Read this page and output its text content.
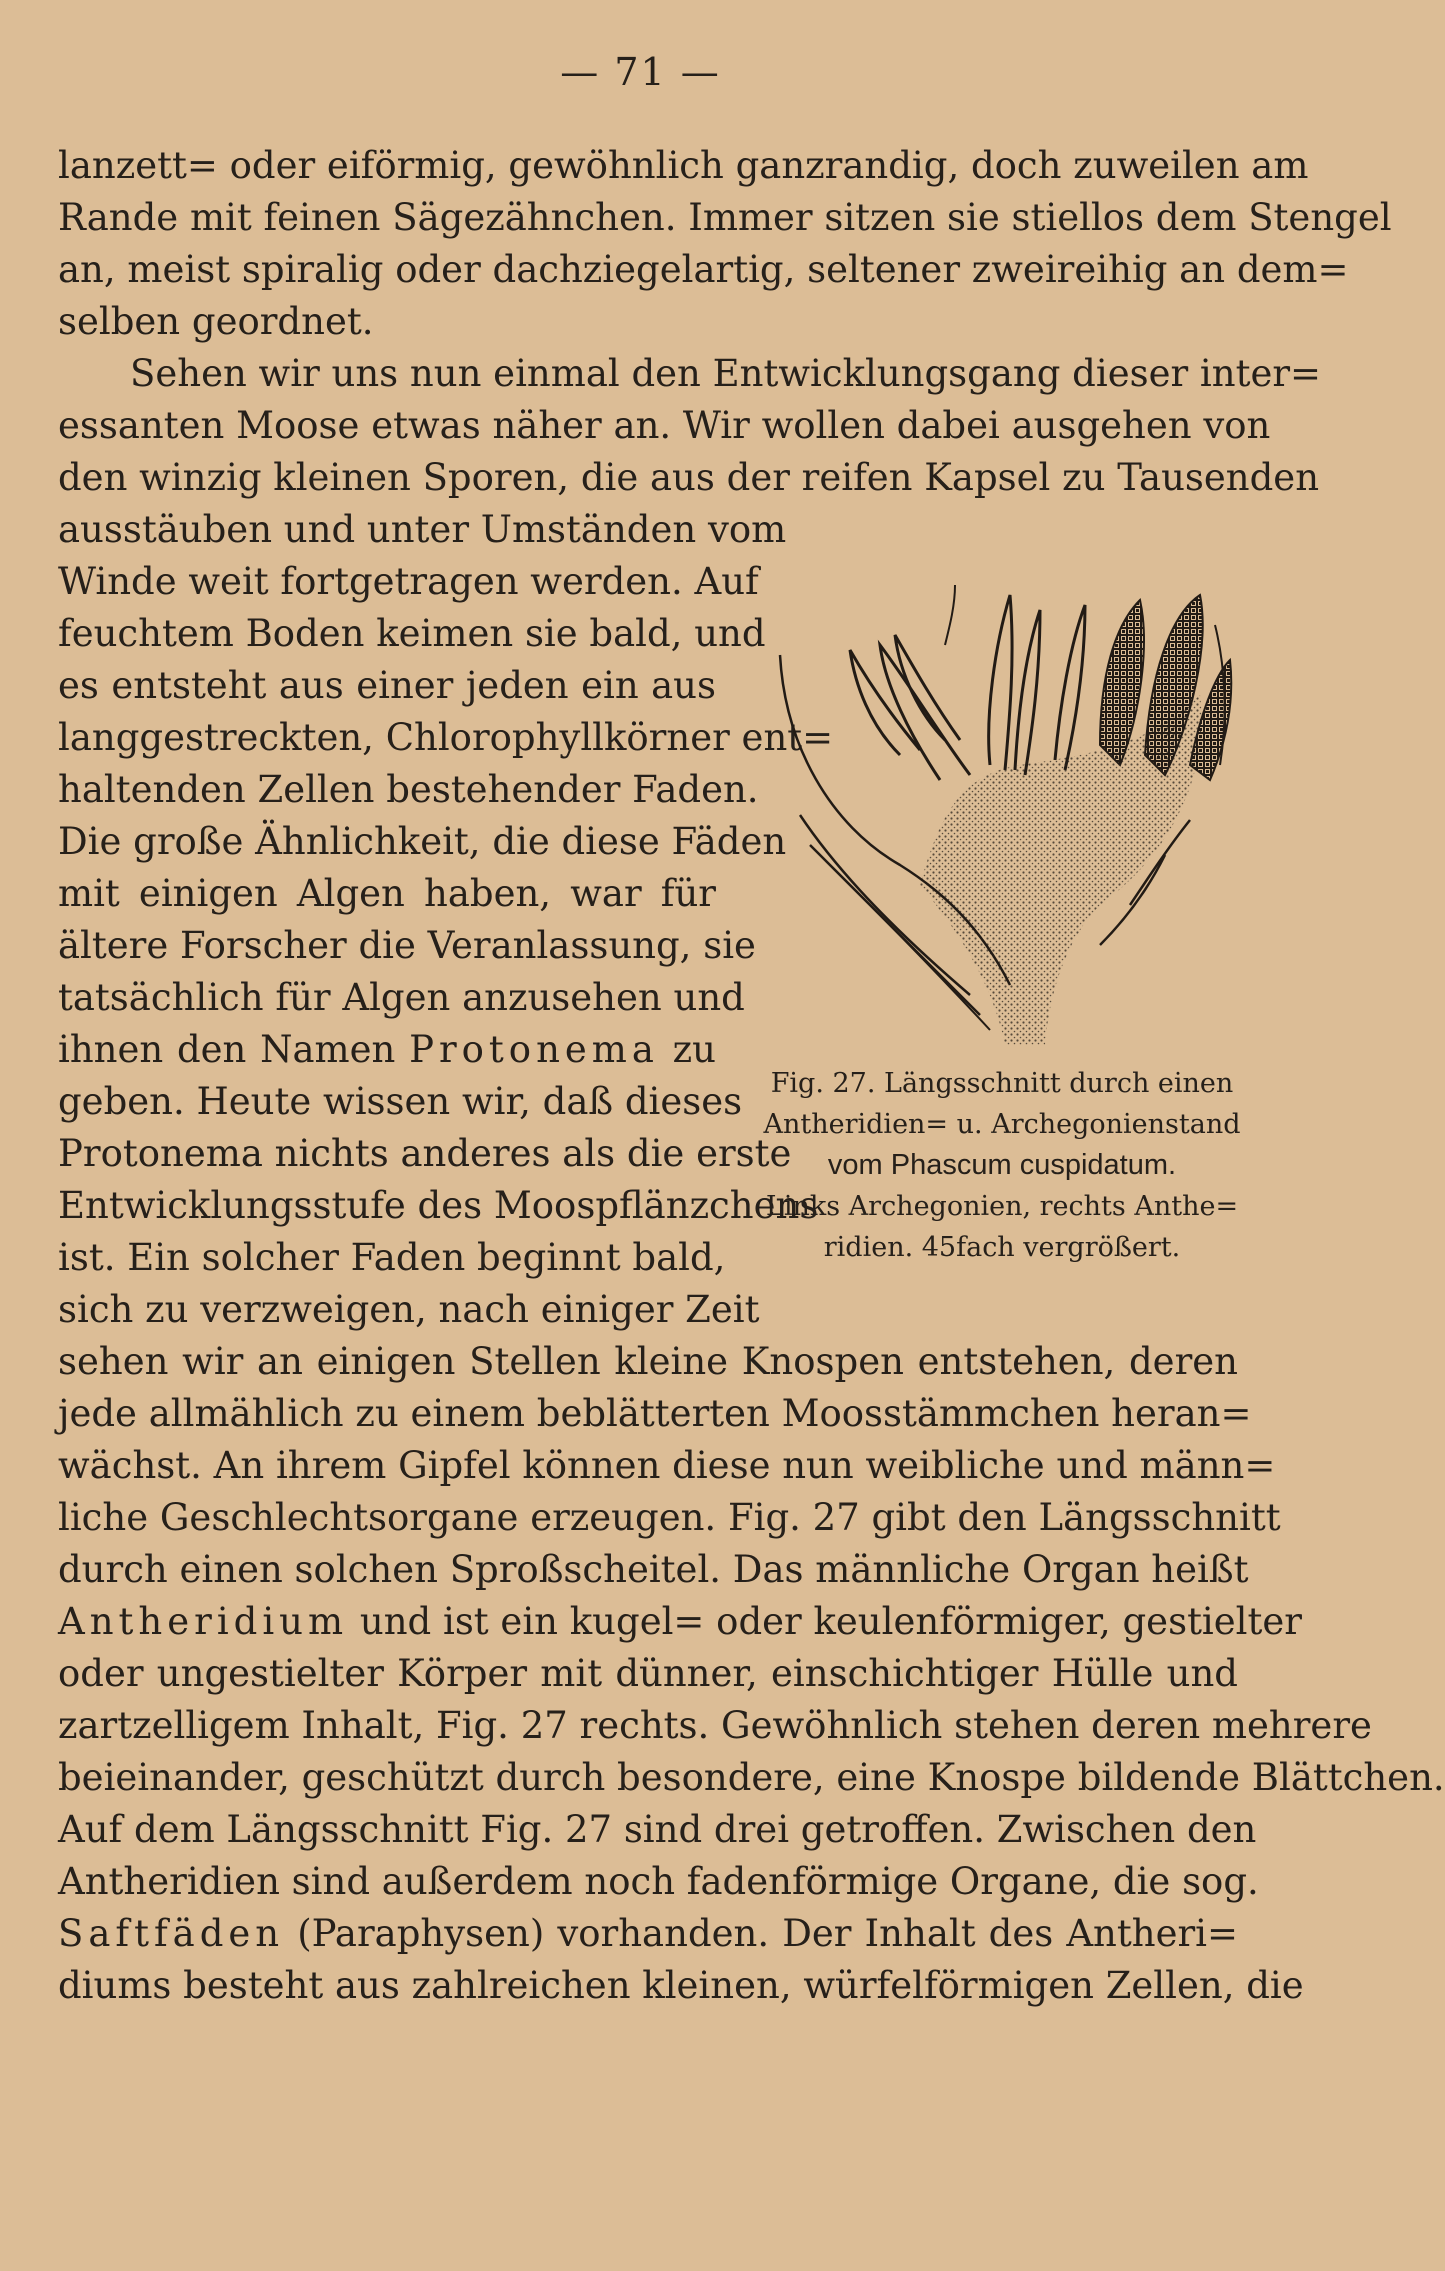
— 71 —
lanzett= oder eiförmig, gewöhnlich ganzrandig, doch zuweilen am
Rande mit feinen Sägezähnchen. Immer sitzen sie stiellos dem Stengel
an, meist spiralig oder dachziegelartig, seltener zweireihig an dem=
selben geordnet.
Sehen wir uns nun einmal den Entwicklungsgang dieser inter=
essanten Moose etwas näher an. Wir wollen dabei ausgehen von
den winzig kleinen Sporen, die aus der reifen Kapsel zu Tausenden
ausstäuben und unter Umständen vom
Winde weit fortgetragen werden. Auf
feuchtem Boden keimen sie bald, und
es entsteht aus einer jeden ein aus
langgestreckten, Chlorophyllkörner ent=
haltenden Zellen bestehender Faden.
Die große Ähnlichkeit, die diese Fäden
mit einigen Algen haben, war für
ältere Forscher die Veranlassung, sie
tatsächlich für Algen anzusehen und
ihnen den Namen Protonema zu
geben. Heute wissen wir, daß dieses
Protonema nichts anderes als die erste
Entwicklungsstufe des Moospflänzchens
ist. Ein solcher Faden beginnt bald,
sich zu verzweigen, nach einiger Zeit
sehen wir an einigen Stellen kleine Knospen entstehen, deren
jede allmählich zu einem beblätterten Moosstämmchen heran=
wächst. An ihrem Gipfel können diese nun weibliche und männ=
liche Geschlechtsorgane erzeugen. Fig. 27 gibt den Längsschnitt
durch einen solchen Sproßscheitel. Das männliche Organ heißt
Antheridium und ist ein kugel= oder keulenförmiger, gestielter
oder ungestielter Körper mit dünner, einschichtiger Hülle und
zartzelligem Inhalt, Fig. 27 rechts. Gewöhnlich stehen deren mehrere
beieinander, geschützt durch besondere, eine Knospe bildende Blättchen.
Auf dem Längsschnitt Fig. 27 sind drei getroffen. Zwischen den
Antheridien sind außerdem noch fadenförmige Organe, die sog.
Saftfäden (Paraphysen) vorhanden. Der Inhalt des Antheri=
diums besteht aus zahlreichen kleinen, würfelförmigen Zellen, die
Fig. 27. Längsschnitt durch einen
Antheridien= u. Archegonienstand
vom Phascum cuspidatum.
Links Archegonien, rechts Anthe=
ridien. 45fach vergrößert.
